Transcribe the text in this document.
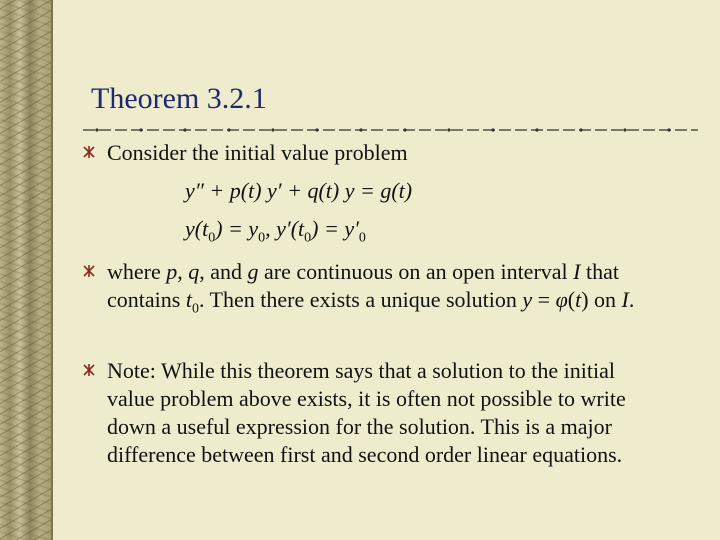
Theorem 3.2.1
Consider the initial value problem
y″ + p(t) y′ + q(t) y = g(t)
$y(t_0) = y_0$, $y'(t_0) = y'_0$
where p, q, and g are continuous on an open interval I that
contains $t_0$. Then there exists a unique solution y = φ(t) on I.
Note: While this theorem says that a solution to the initial
value problem above exists, it is often not possible to write
down a useful expression for the solution. This is a major
difference between first and second order linear equations.
